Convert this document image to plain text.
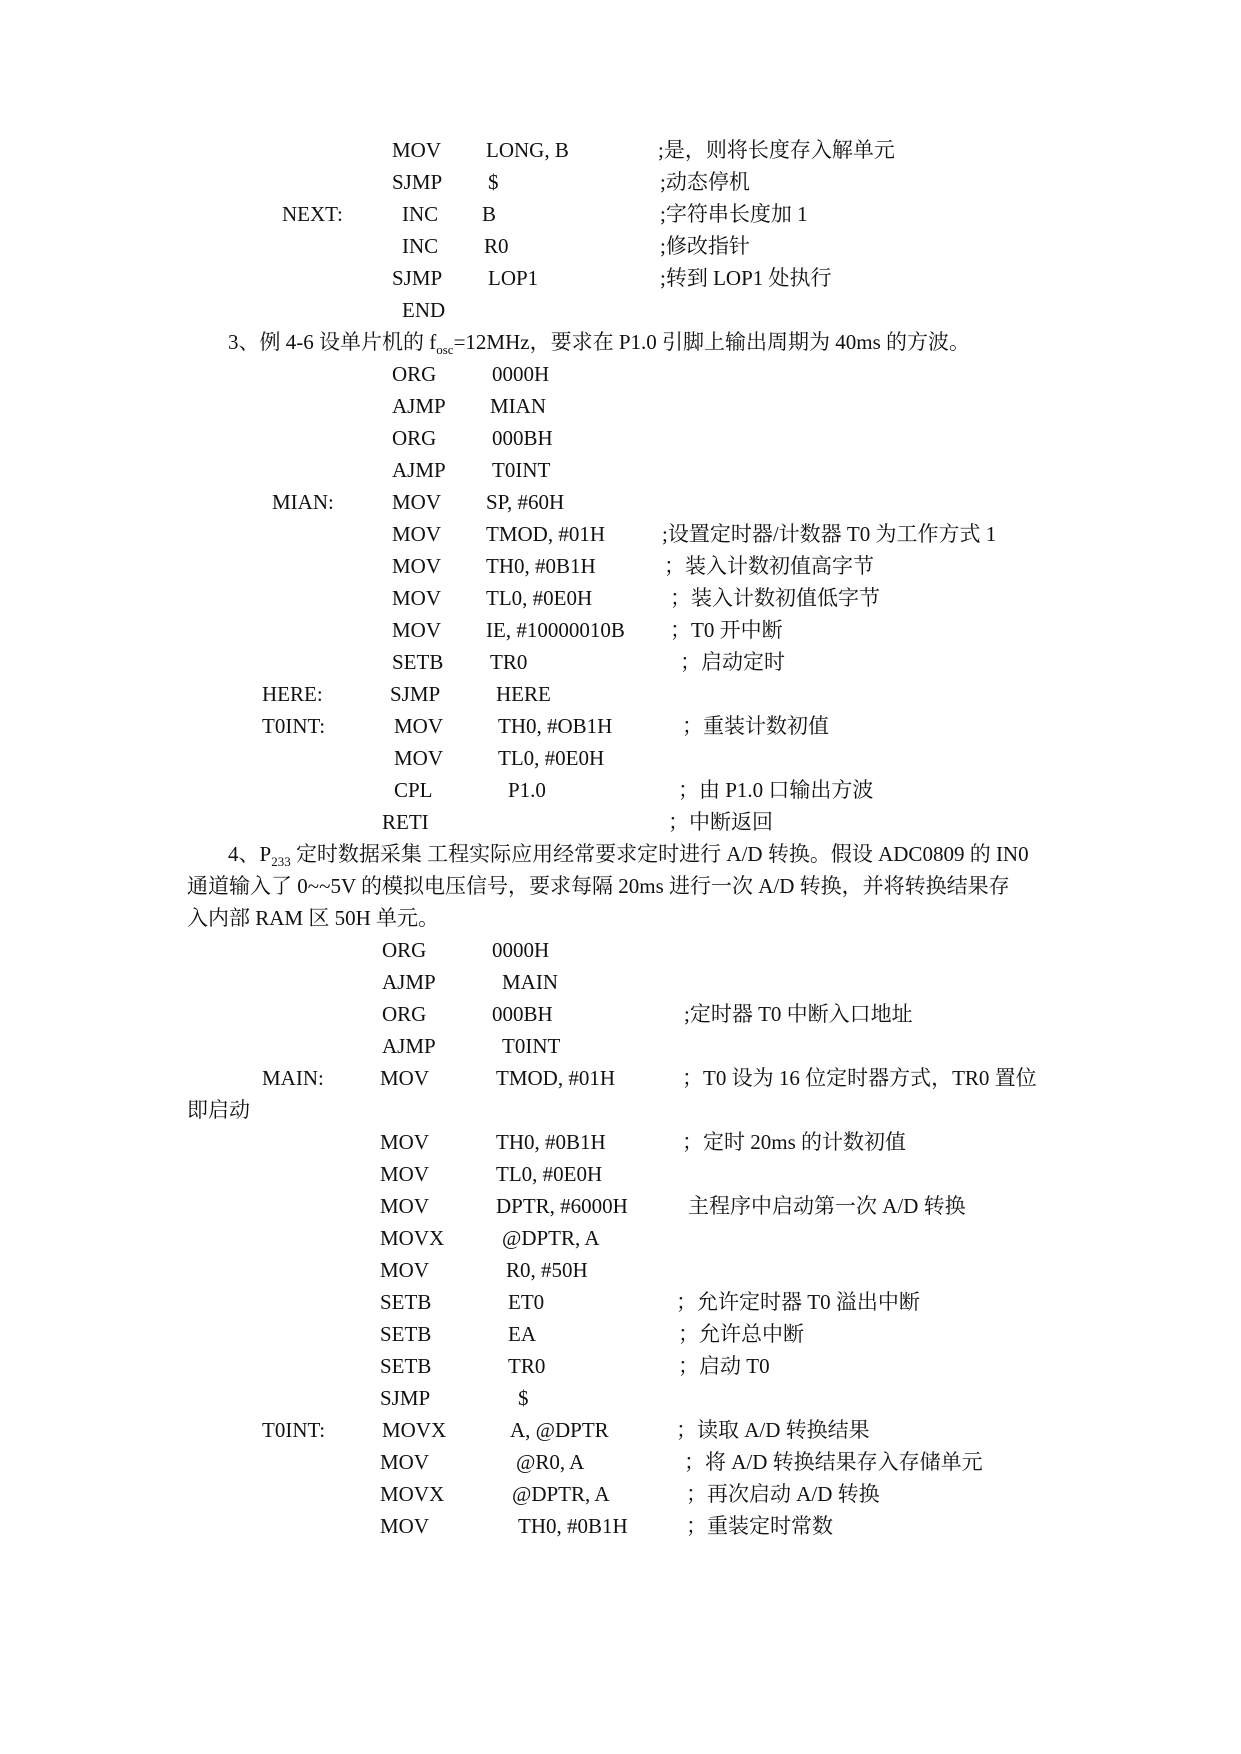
MOV LONG, B	;是，则将长度存入解单元
SJMP $	;动态停机
NEXT:	INC B	;字符串长度加 1
INC R0	;修改指针
SJMP LOP1	;转到 LOP1 处执行
END
3、例 4-6 设单片机的 $f_{osc}=12MHz$，要求在 P1.0 引脚上输出周期为 40ms 的方波。
ORG	0000H
AJMP MIAN
ORG	000BH
AJMP T0INT
MIAN:	MOV SP, #60H
MOV TMOD, #01H	;设置定时器/计数器 T0 为工作方式 1
MOV TH0, #0B1H	；装入计数初值高字节
MOV TL0, #0E0H	；装入计数初值低字节
MOV IE, #10000010B ；T0 开中断
SETB TR0	；启动定时
HERE:	SJMP	HERE
T0INT:	MOV	TH0, #OB1H	；重装计数初值
MOV	TL0, #0E0H
CPL	P1.0	；由 P1.0 口输出方波
RETI	；中断返回
4、$P_{233}$ 定时数据采集 工程实际应用经常要求定时进行 A/D 转换。假设 ADC0809 的 IN0
通道输入了 0~~5V 的模拟电压信号，要求每隔 20ms 进行一次 A/D 转换，并将转换结果存
入内部 RAM 区 50H 单元。
ORG	0000H
AJMP	MAIN
ORG	000BH	;定时器 T0 中断入口地址
AJMP	T0INT
MAIN:	MOV	TMOD, #01H	；T0 设为 16 位定时器方式，TR0 置位
即启动
MOV	TH0, #0B1H	；定时 20ms 的计数初值
MOV	TL0, #0E0H
MOV	DPTR, #6000H	主程序中启动第一次 A/D 转换
MOVX	@DPTR, A
MOV	R0, #50H
SETB	ET0	；允许定时器 T0 溢出中断
SETB	EA	；允许总中断
SETB	TR0	；启动 T0
SJMP	$
T0INT:	MOVX	A, @DPTR	；读取 A/D 转换结果
MOV	@R0, A	；将 A/D 转换结果存入存储单元
MOVX	@DPTR, A	；再次启动 A/D 转换
MOV	TH0, #0B1H	；重装定时常数
